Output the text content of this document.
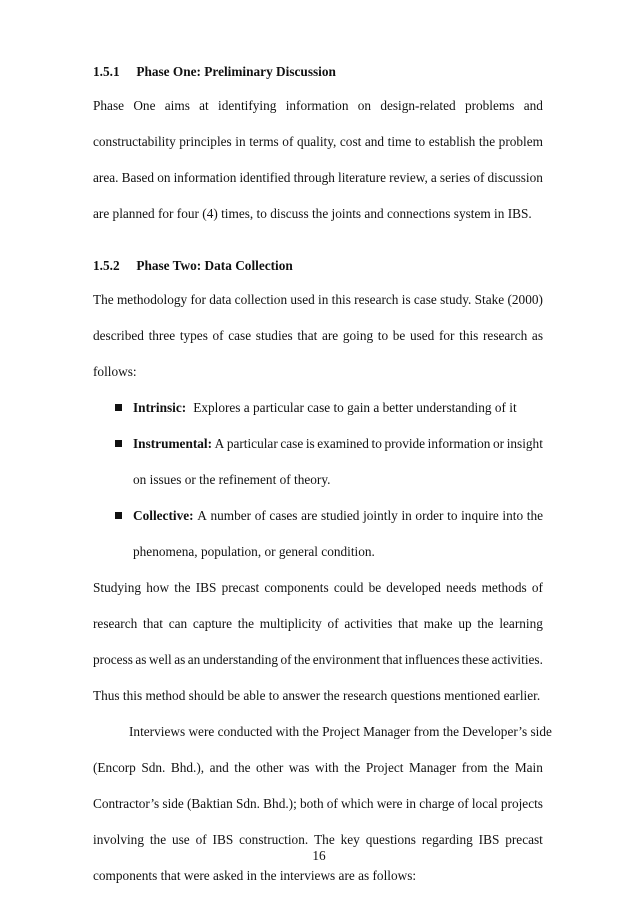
1.5.1 Phase One: Preliminary Discussion
Phase One aims at identifying information on design-related problems and
constructability principles in terms of quality, cost and time to establish the problem
area. Based on information identified through literature review, a series of discussion
are planned for four (4) times, to discuss the joints and connections system in IBS.
1.5.2 Phase Two: Data Collection
The methodology for data collection used in this research is case study. Stake (2000)
described three types of case studies that are going to be used for this research as
follows:
Intrinsic: Explores a particular case to gain a better understanding of it
Instrumental: A particular case is examined to provide information or insight
on issues or the refinement of theory.
Collective: A number of cases are studied jointly in order to inquire into the
phenomena, population, or general condition.
Studying how the IBS precast components could be developed needs methods of
research that can capture the multiplicity of activities that make up the learning
process as well as an understanding of the environment that influences these activities.
Thus this method should be able to answer the research questions mentioned earlier.
Interviews were conducted with the Project Manager from the Developer’s side
(Encorp Sdn. Bhd.), and the other was with the Project Manager from the Main
Contractor’s side (Baktian Sdn. Bhd.); both of which were in charge of local projects
involving the use of IBS construction. The key questions regarding IBS precast
components that were asked in the interviews are as follows:
16
